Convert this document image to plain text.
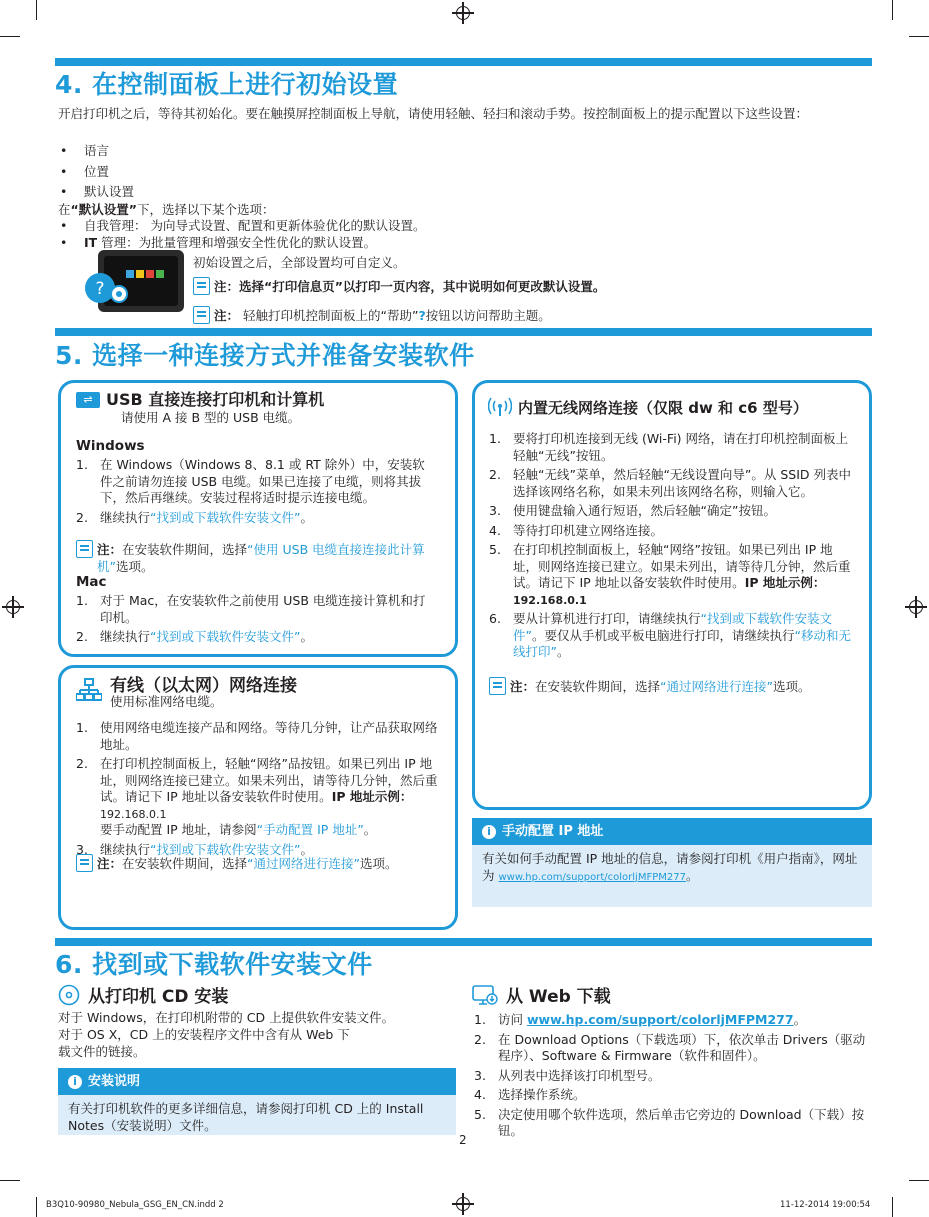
4. 在控制面板上进行初始设置
开启打印机之后，等待其初始化。要在触摸屏控制面板上导航，请使用轻触、轻扫和滚动手势。按控制面板上的提示配置以下这些设置：
• 语言
• 位置
• 默认设置
在“默认设置”下，选择以下某个选项：
• 自我管理： 为向导式设置、配置和更新体验优化的默认设置。
• IT 管理：为批量管理和增强安全性优化的默认设置。
?
初始设置之后，全部设置均可自定义。
注：选择“打印信息页”以打印一页内容，其中说明如何更改默认设置。
注： 轻触打印机控制面板上的“帮助”?按钮以访问帮助主题。
5. 选择一种连接方式并准备安装软件
⇌ USB 直接连接打印机和计算机
请使用 A 接 B 型的 USB 电缆。
Windows
1. 在 Windows（Windows 8、8.1 或 RT 除外）中，安装软件之前请勿连接 USB 电缆。如果已连接了电缆，则将其拔下，然后再继续。安装过程将适时提示连接电缆。
2. 继续执行“找到或下载软件安装文件”。
注：在安装软件期间，选择“使用 USB 电缆直接连接此计算机”选项。
Mac
1. 对于 Mac，在安装软件之前使用 USB 电缆连接计算机和打印机。
2. 继续执行“找到或下载软件安装文件”。
有线（以太网）网络连接
使用标准网络电缆。
1. 使用网络电缆连接产品和网络。等待几分钟，让产品获取网络地址。
2. 在打印机控制面板上，轻触“网络”品按钮。如果已列出 IP 地址，则网络连接已建立。如果未列出，请等待几分钟，然后重试。请记下 IP 地址以备安装软件时使用。IP 地址示例： 192.168.0.1
要手动配置 IP 地址，请参阅“手动配置 IP 地址”。
3. 继续执行“找到或下载软件安装文件”。
注：在安装软件期间，选择“通过网络进行连接”选项。
内置无线网络连接（仅限 dw 和 c6 型号）
1. 要将打印机连接到无线 (Wi-Fi) 网络，请在打印机控制面板上轻触“无线”按钮。
2. 轻触“无线”菜单，然后轻触“无线设置向导”。从 SSID 列表中选择该网络名称，如果未列出该网络名称，则输入它。
3. 使用键盘输入通行短语，然后轻触“确定”按钮。
4. 等待打印机建立网络连接。
5. 在打印机控制面板上，轻触“网络”按钮。如果已列出 IP 地址，则网络连接已建立。如果未列出，请等待几分钟，然后重试。请记下 IP 地址以备安装软件时使用。IP 地址示例： 192.168.0.1
6. 要从计算机进行打印，请继续执行“找到或下载软件安装文件”。要仅从手机或平板电脑进行打印，请继续执行“移动和无线打印”。
注：在安装软件期间，选择“通过网络进行连接”选项。
i 手动配置 IP 地址
有关如何手动配置 IP 地址的信息，请参阅打印机《用户指南》，网址为 www.hp.com/support/colorljMFPM277。
6. 找到或下载软件安装文件
从打印机 CD 安装
对于 Windows，在打印机附带的 CD 上提供软件安装文件。
对于 OS X，CD 上的安装程序文件中含有从 Web 下载文件的链接。
i 安装说明
有关打印机软件的更多详细信息，请参阅打印机 CD 上的 Install Notes（安装说明）文件。
从 Web 下载
1. 访问 www.hp.com/support/colorljMFPM277。
2. 在 Download Options（下载选项）下，依次单击 Drivers（驱动程序）、Software & Firmware（软件和固件）。
3. 从列表中选择该打印机型号。
4. 选择操作系统。
5. 决定使用哪个软件选项，然后单击它旁边的 Download（下载）按钮。
2
B3Q10-90980_Nebula_GSG_EN_CN.indd 2	11-12-2014 19:00:54
